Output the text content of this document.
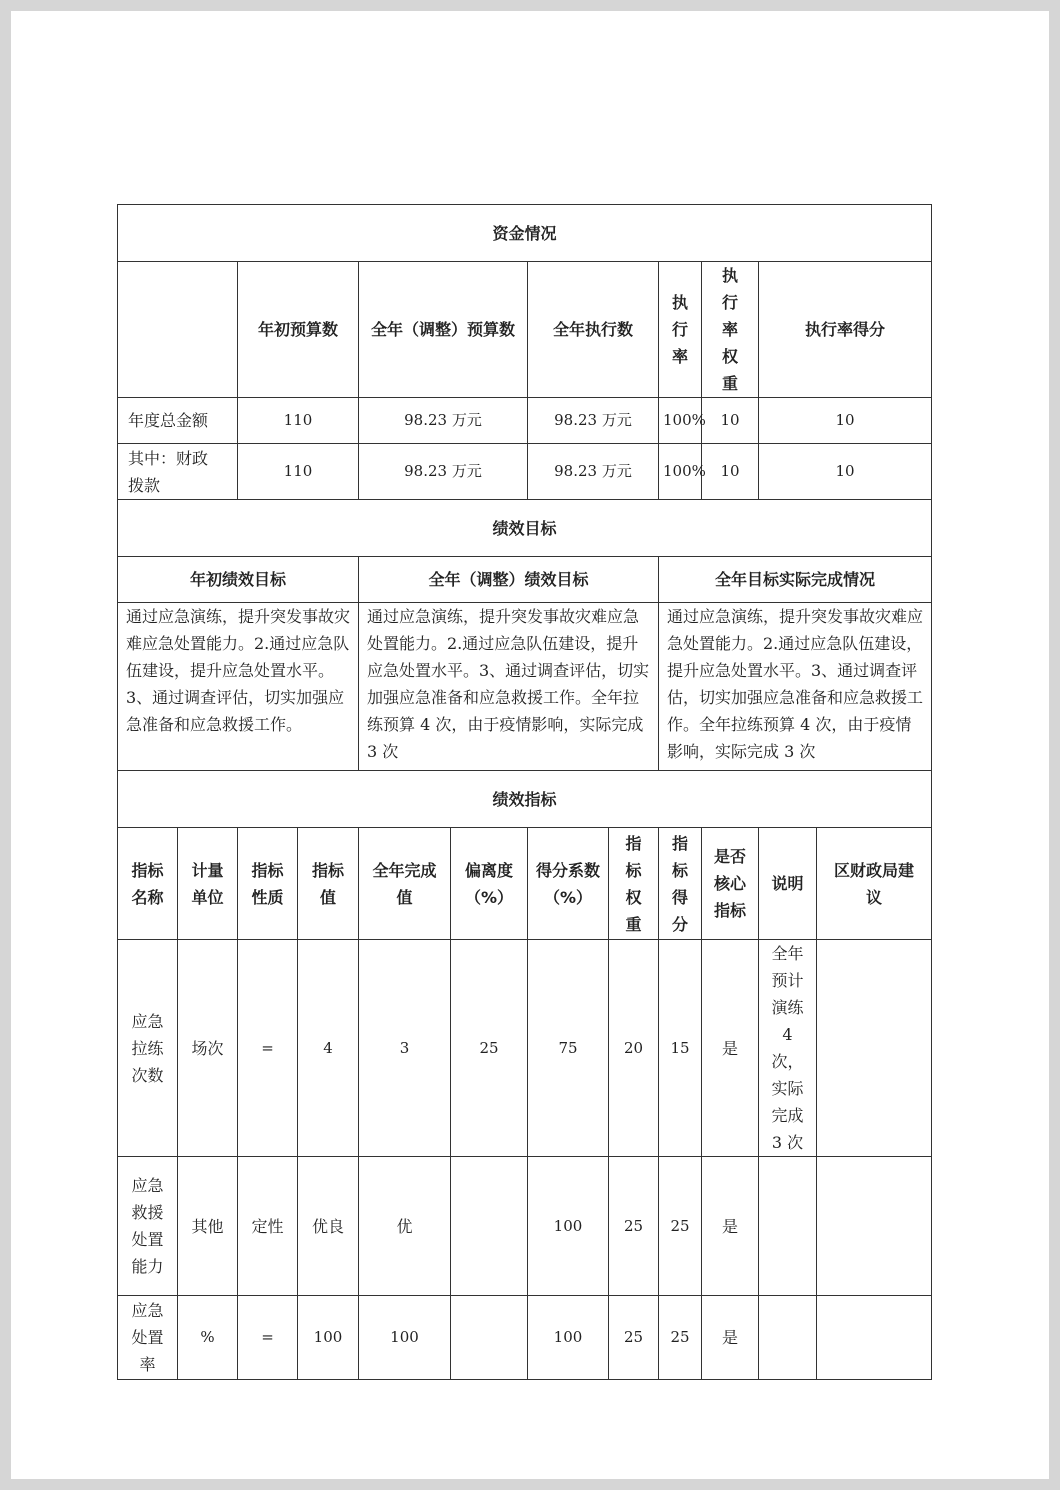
资金情况											
		年初预算数		全年（调整）预算数		全年执行数		执行率	执行率权重	执行率得分	
年度总金额		110		98.23 万元		98.23 万元		100%	10	10	
其中：财政拨款		110		98.23 万元		98.23 万元		100%	10	10	
绩效目标											
年初绩效目标				全年（调整）绩效目标				全年目标实际完成情况			
通过应急演练，提升突发事故灾难应急处置能力。2.通过应急队伍建设，提升应急处置水平。3、通过调查评估，切实加强应急准备和应急救援工作。				通过应急演练，提升突发事故灾难应急处置能力。2.通过应急队伍建设，提升应急处置水平。3、通过调查评估，切实加强应急准备和应急救援工作。全年拉练预算 4 次，由于疫情影响，实际完成 3 次				通过应急演练，提升突发事故灾难应急处置能力。2.通过应急队伍建设，提升应急处置水平。3、通过调查评估，切实加强应急准备和应急救援工作。全年拉练预算 4 次，由于疫情影响，实际完成 3 次			
绩效指标											
指标名称	计量单位	指标性质	指标值	全年完成值	偏离度（%）	得分系数（%）	指标权重	指标得分	是否核心指标	说明	区财政局建议
应急拉练次数	场次	=	4	3	25	75	20	15	是	全年预计演练 4 次，实际完成 3 次	
应急救援处置能力	其他	定性	优良	优		100	25	25	是		
应急处置率	%	=	100	100		100	25	25	是		
